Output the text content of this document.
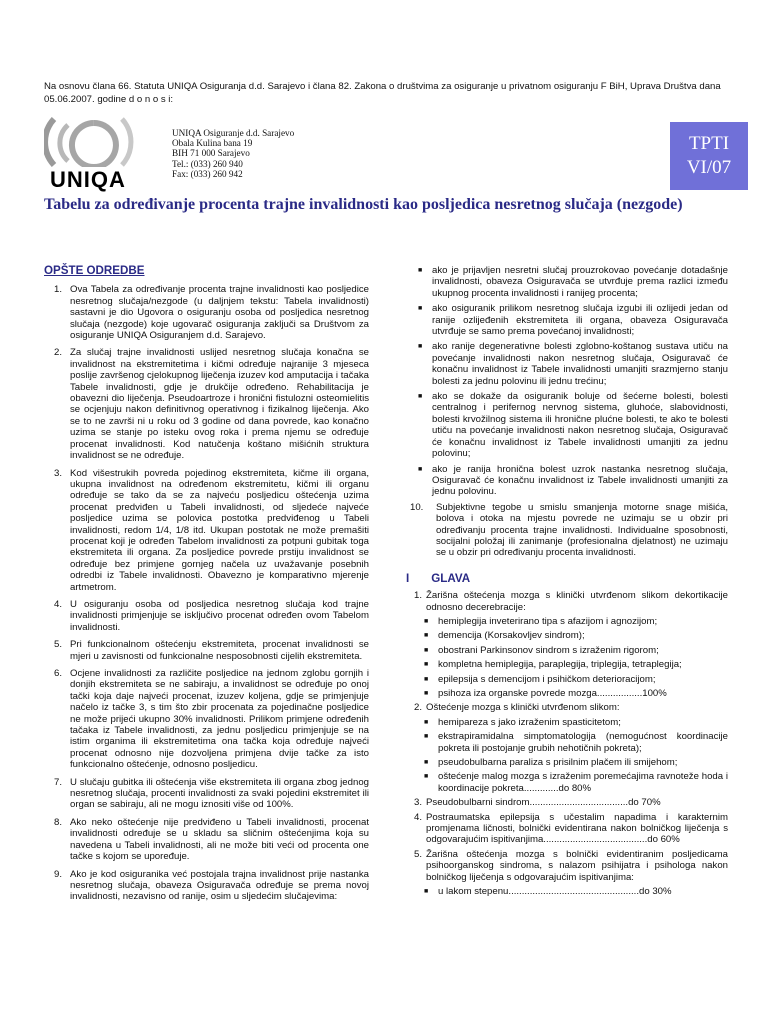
Na osnovu člana 66. Statuta UNIQA Osiguranja d.d. Sarajevo i člana 82. Zakona o društvima za osiguranje u privatnom osiguranju F BiH, Uprava Društva dana 05.06.2007. godine d o n o s i:
UNIQA
UNIQA Osiguranje d.d. Sarajevo
Obala Kulina bana 19
BIH 71 000 Sarajevo
Tel.: (033) 260 940
Fax: (033) 260 942
TPTI
VI/07
Tabelu za određivanje procenta trajne invalidnosti kao posljedica nesretnog slučaja (nezgode)
OPŠTE ODREDBE
1. Ova Tabela za određivanje procenta trajne invalidnosti kao posljedice nesretnog slučaja/nezgode (u daljnjem tekstu: Tabela invalidnosti) sastavni je dio Ugovora o osiguranju osoba od posljedica nesretnog slučaja (nezgode) koje ugovarač osiguranja zaključi sa Društvom za osiguranje UNIQA Osiguranjem d.d. Sarajevo.
2. Za slučaj trajne invalidnosti uslijed nesretnog slučaja konačna se invalidnost na ekstremitetima i kičmi određuje najranije 3 mjeseca poslije završenog cjelokupnog liječenja izuzev kod amputacija i tačaka Tabele invalidnosti, gdje je drukčije određeno. Rehabilitacija je obavezni dio liječenja. Pseudoartroze i hronični fistulozni osteomielitis se ocjenjuju nakon definitivnog operativnog i fizikalnog liječenja. Ako se to ne završi ni u roku od 3 godine od dana povrede, kao konačno uzima se stanje po isteku ovog roka i prema njemu se određuje procenat invalidnosti. Kod natučenja koštano mišićnih struktura invalidnost se ne određuje.
3. Kod višestrukih povreda pojedinog ekstremiteta, kičme ili organa, ukupna invalidnost na određenom ekstremitetu, kičmi ili organu određuje se tako da se za najveću posljedicu oštećenja uzima procenat predviđen u Tabeli invalidnosti, od sljedeće najveće posljedice uzima se polovica postotka predviđenog u Tabeli invalidnosti, redom 1/4, 1/8 itd. Ukupan postotak ne može premašiti procenat koji je određen Tabelom invalidnosti za potpuni gubitak toga ekstremiteta ili organa. Za posljedice povrede prstiju invalidnost se određuje bez primjene gornjeg načela uz uvažavanje posebnih odredbi iz Tabele invalidnosti. Obavezno je komparativno mjerenje artmetrom.
4. U osiguranju osoba od posljedica nesretnog slučaja kod trajne invalidnosti primjenjuje se isključivo procenat određen ovom Tabelom invalidnosti.
5. Pri funkcionalnom oštećenju ekstremiteta, procenat invalidnosti se mjeri u zavisnosti od funkcionalne nesposobnosti cijelih ekstremiteta.
6. Ocjene invalidnosti za različite posljedice na jednom zglobu gornjih i donjih ekstremiteta se ne sabiraju, a invalidnost se određuje po onoj tački koja daje najveći procenat, izuzev koljena, gdje se primjenjuje načelo iz tačke 3, s tim što zbir procenata za pojedinačne posljedice ne može prijeći ukupno 30% invalidnosti. Prilikom primjene određenih tačaka iz Tabele invalidnosti, za jednu posljedicu primjenjuje se na istim organima ili ekstremitetima ona tačka koja određuje najveći procenat odnosno nije dozvoljena primjena dvije tačke za isto funkcionalno oštećenje, odnosno posljedicu.
7. U slučaju gubitka ili oštećenja više ekstremiteta ili organa zbog jednog nesretnog slučaja, procenti invalidnosti za svaki pojedini ekstremitet ili organ se sabiraju, ali ne mogu iznositi više od 100%.
8. Ako neko oštećenje nije predviđeno u Tabeli invalidnosti, procenat invalidnosti određuje se u skladu sa sličnim oštećenjima koja su navedena u Tabeli invalidnosti, ali ne može biti veći od procenta one tačke s kojom se upoređuje.
9. Ako je kod osiguranika već postojala trajna invalidnost prije nastanka nesretnog slučaja, obaveza Osiguravača određuje se prema novoj invalidnosti, nezavisno od ranije, osim u sljedećim slučajevima:
■ ako je prijavljen nesretni slučaj prouzrokovao povećanje dotadašnje invalidnosti, obaveza Osiguravača se utvrđuje prema razlici između ukupnog procenta invalidnosti i ranijeg procenta;
■ ako osiguranik prilikom nesretnog slučaja izgubi ili ozlijedi jedan od ranije ozlijeđenih ekstremiteta ili organa, obaveza Osiguravača utvrđuje se samo prema povećanoj invalidnosti;
■ ako ranije degenerativne bolesti zglobno-koštanog sustava utiču na povećanje invalidnosti nakon nesretnog slučaja, Osiguravač će konačnu invalidnost iz Tabele invalidnosti umanjiti srazmjerno stanju bolesti za jednu polovinu ili jednu trećinu;
■ ako se dokaže da osiguranik boluje od šećerne bolesti, bolesti centralnog i perifernog nervnog sistema, gluhoće, slabovidnosti, bolesti krvožilnog sistema ili hronične plućne bolesti, te ako te bolesti utiču na povećanje invalidnosti nakon nesretnog slučaja, Osiguravač će konačnu invalidnost iz Tabele invalidnosti umanjiti za jednu polovinu;
■ ako je ranija hronična bolest uzrok nastanka nesretnog slučaja, Osiguravač će konačnu invalidnost iz Tabele invalidnosti umanjiti za jednu polovinu.
10. Subjektivne tegobe u smislu smanjenja motorne snage mišića, bolova i otoka na mjestu povrede ne uzimaju se u obzir pri određivanju procenta trajne invalidnosti. Individualne sposobnosti, socijalni položaj ili zanimanje (profesionalna djelatnost) ne uzimaju se u obzir pri određivanju procenta invalidnosti.
I GLAVA
1. Žarišna oštećenja mozga s klinički utvrđenom slikom dekortikacije odnosno decerebracije:
■ hemiplegija inveterirano tipa s afazijom i agnozijom;
■ demencija (Korsakovljev sindrom);
■ obostrani Parkinsonov sindrom s izraženim rigorom;
■ kompletna hemiplegija, paraplegija, triplegija, tetraplegija;
■ epilepsija s demencijom i psihičkom deterioracijom;
■ psihoza iza organske povrede mozga.................100%
2. Oštećenje mozga s klinički utvrđenom slikom:
■ hemipareza s jako izraženim spasticitetom;
■ ekstrapiramidalna simptomatologija (nemogućnost koordinacije pokreta ili postojanje grubih nehotičnih pokreta);
■ pseudobulbarna paraliza s prisilnim plačem ili smijehom;
■ oštećenje malog mozga s izraženim poremećajima ravnoteže hoda i koordinacije pokreta.............do 80%
3. Pseudobulbarni sindrom.....................................do 70%
4. Postraumatska epilepsija s učestalim napadima i karakternim promjenama ličnosti, bolnički evidentirana nakon bolničkog liječenja s odgovarajućim ispitivanjima.......................................do 60%
5. Žarišna oštećenja mozga s bolnički evidentiranim posljedicama psihoorganskog sindroma, s nalazom psihijatra i psihologa nakon bolničkog liječenja s odgovarajućim ispitivanjima:
■ u lakom stepenu.................................................do 30%
